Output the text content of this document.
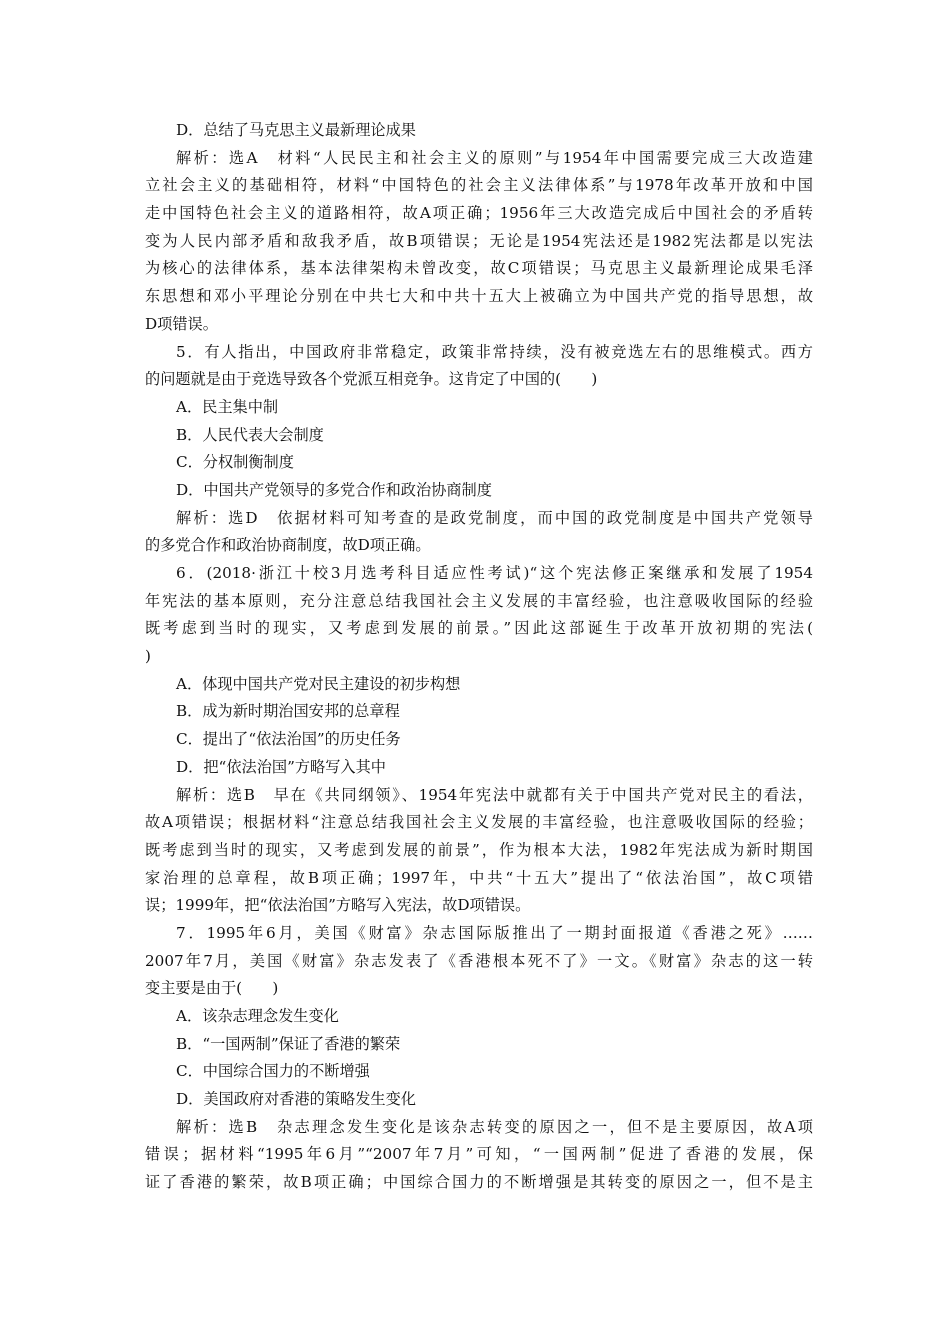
D．总结了马克思主义最新理论成果
解析：选A　材料“人民民主和社会主义的原则”与1954年中国需要完成三大改造建
立社会主义的基础相符，材料“中国特色的社会主义法律体系”与1978年改革开放和中国
走中国特色社会主义的道路相符，故A项正确；1956年三大改造完成后中国社会的矛盾转
变为人民内部矛盾和敌我矛盾，故B项错误；无论是1954宪法还是1982宪法都是以宪法
为核心的法律体系，基本法律架构未曾改变，故C项错误；马克思主义最新理论成果毛泽
东思想和邓小平理论分别在中共七大和中共十五大上被确立为中国共产党的指导思想，故
D项错误。
5．有人指出，中国政府非常稳定，政策非常持续，没有被竞选左右的思维模式。西方
的问题就是由于竞选导致各个党派互相竞争。这肯定了中国的(　　)
A．民主集中制
B．人民代表大会制度
C．分权制衡制度
D．中国共产党领导的多党合作和政治协商制度
解析：选D　依据材料可知考查的是政党制度，而中国的政党制度是中国共产党领导
的多党合作和政治协商制度，故D项正确。
6．(2018·浙江十校3月选考科目适应性考试)“这个宪法修正案继承和发展了1954
年宪法的基本原则，充分注意总结我国社会主义发展的丰富经验，也注意吸收国际的经验
既考虑到当时的现实，又考虑到发展的前景。”因此这部诞生于改革开放初期的宪法(
)
A．体现中国共产党对民主建设的初步构想
B．成为新时期治国安邦的总章程
C．提出了“依法治国”的历史任务
D．把“依法治国”方略写入其中
解析：选B　早在《共同纲领》、1954年宪法中就都有关于中国共产党对民主的看法，
故A项错误；根据材料“注意总结我国社会主义发展的丰富经验，也注意吸收国际的经验；
既考虑到当时的现实，又考虑到发展的前景”，作为根本大法，1982年宪法成为新时期国
家治理的总章程，故B项正确；1997年，中共“十五大”提出了“依法治国”，故C项错
误；1999年，把“依法治国”方略写入宪法，故D项错误。
7．1995年6月，美国《财富》杂志国际版推出了一期封面报道《香港之死》……
2007年7月，美国《财富》杂志发表了《香港根本死不了》一文。《财富》杂志的这一转
变主要是由于(　　)
A．该杂志理念发生变化
B．“一国两制”保证了香港的繁荣
C．中国综合国力的不断增强
D．美国政府对香港的策略发生变化
解析：选B　杂志理念发生变化是该杂志转变的原因之一，但不是主要原因，故A项
错误；据材料“1995年6月”“2007年7月”可知，“一国两制”促进了香港的发展，保
证了香港的繁荣，故B项正确；中国综合国力的不断增强是其转变的原因之一，但不是主
